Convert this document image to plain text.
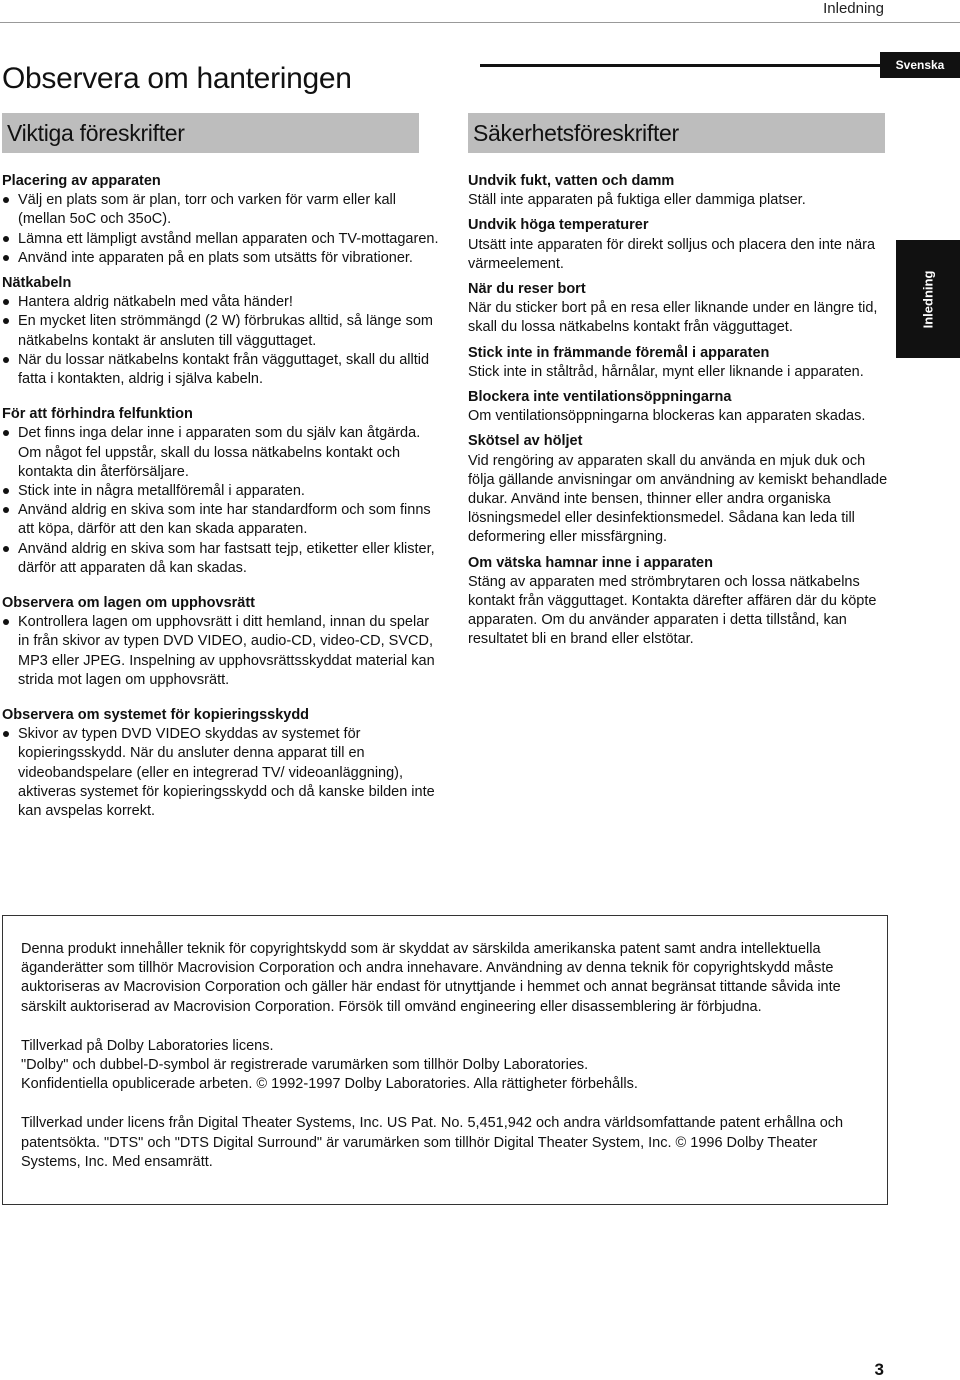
Inledning
Observera om hanteringen	Svenska
Inledning
Viktiga föreskrifter	Säkerhetsföreskrifter

Placering av apparaten

Välj en plats som är plan, torr och varken för varm eller kall (mellan 5oC och 35oC).
Lämna ett lämpligt avstånd mellan apparaten och TV-mottagaren.
Använd inte apparaten på en plats som utsätts för vibrationer.

Nätkabeln

Hantera aldrig nätkabeln med våta händer!
En mycket liten strömmängd (2 W) förbrukas alltid, så länge som nätkabelns kontakt är ansluten till vägguttaget.
När du lossar nätkabelns kontakt från vägguttaget, skall du alltid fatta i kontakten, aldrig i själva kabeln.

För att förhindra felfunktion

Det finns inga delar inne i apparaten som du själv kan åtgärda. Om något fel uppstår, skall du lossa nätkabelns kontakt och kontakta din återförsäljare.
Stick inte in några metallföremål i apparaten.
Använd aldrig en skiva som inte har standardform och som finns att köpa, därför att den kan skada apparaten.
Använd aldrig en skiva som har fastsatt tejp, etiketter eller klister, därför att apparaten då kan skadas.

Observera om lagen om upphovsrätt

Kontrollera lagen om upphovsrätt i ditt hemland, innan du spelar in från skivor av typen DVD VIDEO, audio-CD, video-CD, SVCD, MP3 eller JPEG. Inspelning av upphovsrättsskyddat material kan strida mot lagen om upphovsrätt.

Observera om systemet för kopieringsskydd

Skivor av typen DVD VIDEO skyddas av systemet för kopieringsskydd. När du ansluter denna apparat till en videobandspelare (eller en integrerad TV/ videoanläggning), aktiveras systemet för kopieringsskydd och då kanske bilden inte kan avspelas korrekt.

Undvik fukt, vatten och damm

Ställ inte apparaten på fuktiga eller dammiga platser.

Undvik höga temperaturer

Utsätt inte apparaten för direkt solljus och placera den inte nära värmeelement.

När du reser bort

När du sticker bort på en resa eller liknande under en längre tid, skall du lossa nätkabelns kontakt från vägguttaget.

Stick inte in främmande föremål i apparaten

Stick inte in ståltråd, hårnålar, mynt eller liknande i apparaten.

Blockera inte ventilationsöppningarna

Om ventilationsöppningarna blockeras kan apparaten skadas.

Skötsel av höljet

Vid rengöring av apparaten skall du använda en mjuk duk och följa gällande anvisningar om användning av kemiskt behandlade dukar. Använd inte bensen, thinner eller andra organiska lösningsmedel eller desinfektionsmedel. Sådana kan leda till deformering eller missfärgning.

Om vätska hamnar inne i apparaten

Stäng av apparaten med strömbrytaren och lossa nätkabelns kontakt från vägguttaget. Kontakta därefter affären där du köpte apparaten. Om du använder apparaten i detta tillstånd, kan resultatet bli en brand eller elstötar.

Denna produkt innehåller teknik för copyrightskydd som är skyddat av särskilda amerikanska patent samt andra intellektuella äganderätter som tillhör Macrovision Corporation och andra innehavare. Användning av denna teknik för copyrightskydd måste auktoriseras av Macrovision Corporation och gäller här endast för utnyttjande i hemmet och annat begränsat tittande såvida inte särskilt auktoriserad av Macrovision Corporation. Försök till omvänd engineering eller disassemblering är förbjudna.

Tillverkad på Dolby Laboratories licens.
"Dolby" och dubbel-D-symbol är registrerade varumärken som tillhör Dolby Laboratories.
Konfidentiella opublicerade arbeten. © 1992-1997 Dolby Laboratories. Alla rättigheter förbehålls.

Tillverkad under licens från Digital Theater Systems, Inc. US Pat. No. 5,451,942 och andra världsomfattande patent erhållna och patentsökta. "DTS" och "DTS Digital Surround" är varumärken som tillhör Digital Theater System, Inc. © 1996 Dolby Theater Systems, Inc. Med ensamrätt.

3
